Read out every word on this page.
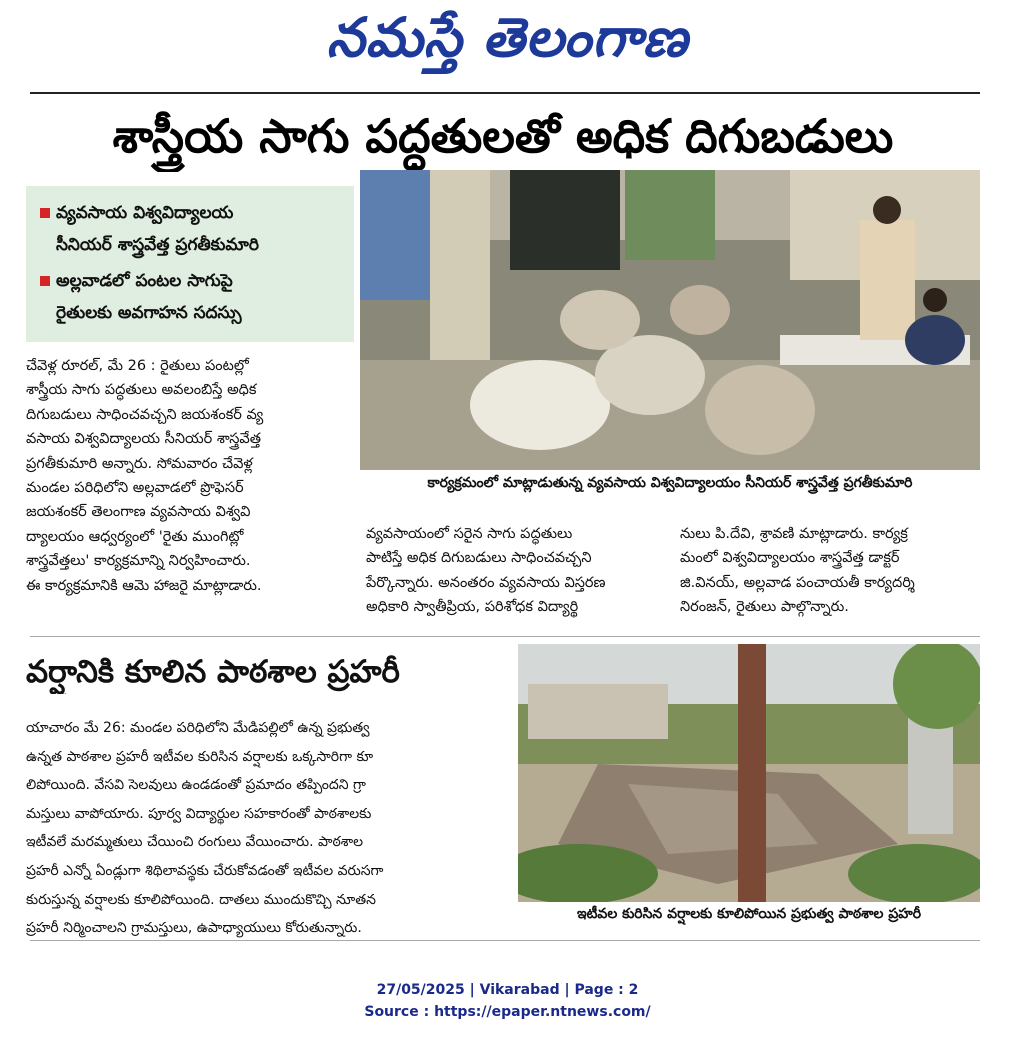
నమస్తే తెలంగాణ
శాస్త్రీయ సాగు పద్ధతులతో అధిక దిగుబడులు
వ్యవసాయ విశ్వవిద్యాలయ
సీనియర్ శాస్త్రవేత్త ప్రగతీకుమారి
అల్లవాడలో పంటల సాగుపై
రైతులకు అవగాహన సదస్సు
కార్యక్రమంలో మాట్లాడుతున్న వ్యవసాయ విశ్వవిద్యాలయం సీనియర్ శాస్త్రవేత్త ప్రగతీకుమారి
చేవెళ్ల రూరల్, మే 26 : రైతులు పంటల్లో
శాస్త్రీయ సాగు పద్ధతులు అవలంబిస్తే అధిక
దిగుబడులు సాధించవచ్చని జయశంకర్ వ్య
వసాయ విశ్వవిద్యాలయ సీనియర్ శాస్త్రవేత్త
ప్రగతీకుమారి అన్నారు. సోమవారం చేవెళ్ల
మండల పరిధిలోని అల్లవాడలో ప్రొఫెసర్
జయశంకర్ తెలంగాణ వ్యవసాయ విశ్వవి
ద్యాలయం ఆధ్వర్యంలో 'రైతు ముంగిట్లో
శాస్త్రవేత్తలు' కార్యక్రమాన్ని నిర్వహించారు.
ఈ కార్యక్రమానికి ఆమె హాజరై మాట్లాడారు.
వ్యవసాయంలో సరైన సాగు పద్ధతులు
పాటిస్తే అధిక దిగుబడులు సాధించవచ్చని
పేర్కొన్నారు. అనంతరం వ్యవసాయ విస్తరణ
అధికారి స్వాతీప్రియ, పరిశోధక విద్యార్థి
నులు పి.దేవి, శ్రావణి మాట్లాడారు. కార్యక్ర
మంలో విశ్వవిద్యాలయం శాస్త్రవేత్త డాక్టర్
జి.వినయ్, అల్లవాడ పంచాయతీ కార్యదర్శి
నిరంజన్, రైతులు పాల్గొన్నారు.
వర్షానికి కూలిన పాఠశాల ప్రహరీ
యాచారం మే 26: మండల పరిధిలోని మేడిపల్లిలో ఉన్న ప్రభుత్వ
ఉన్నత పాఠశాల ప్రహరీ ఇటీవల కురిసిన వర్షాలకు ఒక్కసారిగా కూ
లిపోయింది. వేసవి సెలవులు ఉండడంతో ప్రమాదం తప్పిందని గ్రా
మస్తులు వాపోయారు. పూర్వ విద్యార్థుల సహకారంతో పాఠశాలకు
ఇటీవలే మరమ్మతులు చేయించి రంగులు వేయించారు. పాఠశాల
ప్రహరీ ఎన్నో ఏండ్లుగా శిథిలావస్థకు చేరుకోవడంతో ఇటీవల వరుసగా
కురుస్తున్న వర్షాలకు కూలిపోయింది. దాతలు ముందుకొచ్చి నూతన
ప్రహరీ నిర్మించాలని గ్రామస్తులు, ఉపాధ్యాయులు కోరుతున్నారు.
ఇటీవల కురిసిన వర్షాలకు కూలిపోయిన ప్రభుత్వ పాఠశాల ప్రహరీ
27/05/2025 | Vikarabad | Page : 2
Source : https://epaper.ntnews.com/
